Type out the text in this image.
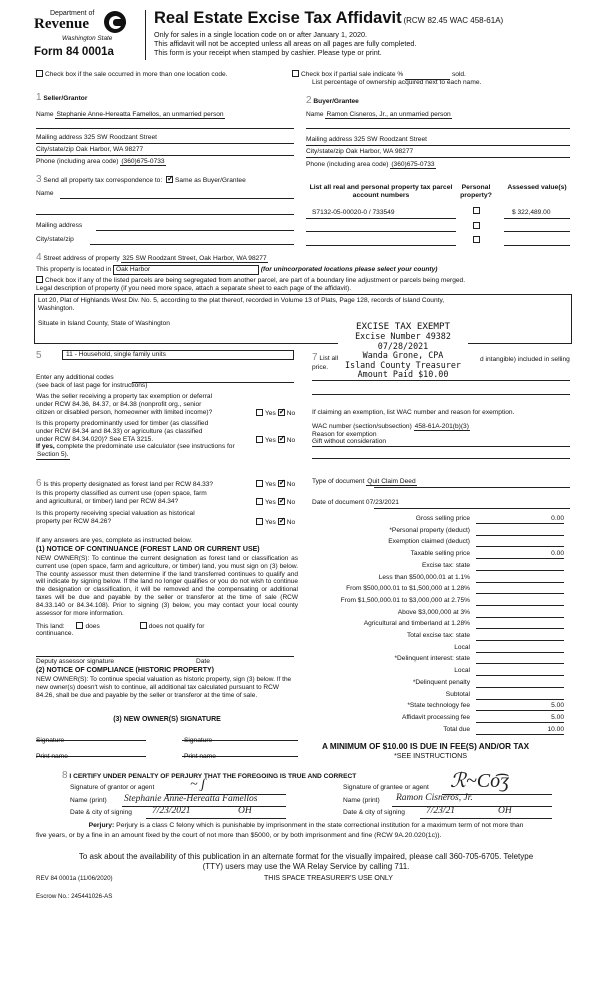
Department of
Revenue
Washington State
Form 84 0001a
Real Estate Excise Tax Affidavit (RCW 82.45 WAC 458-61A)
Only for sales in a single location code on or after January 1, 2020.
This affidavit will not be accepted unless all areas on all pages are fully completed.
This form is your receipt when stamped by cashier. Please type or print.
Check box if the sale occurred in more than one location code.	Check box if partial sale indicate %	sold.
List percentage of ownership acquired next to each name.
1 Seller/Grantor
Name Stephanie Anne-Hereatta Famellos, an unmarried person
Mailing address 325 SW Roodzant Street
City/state/zip Oak Harbor, WA 98277
Phone (including area code) (360)675-0733
2 Buyer/Grantee
Name Ramon Cisneros, Jr., an unmarried person
Mailing address 325 SW Roodzant Street
City/state/zip Oak Harbor, WA 98277
Phone (including area code) (360)675-0733
3 Send all property tax correspondence to: ✓ Same as Buyer/Grantee
Name
Mailing address
City/state/zip
List all real and personal property tax parcel account numbers
Personal property?
Assessed value(s)
S7132-05-00020-0 / 733549	$ 322,489.00
4 Street address of property 325 SW Roodzant Street, Oak Harbor, WA 98277
This property is located in Oak Harbor	(for unincorporated locations please select your county)
Check box if any of the listed parcels are being segregated from another parcel, are part of a boundary line adjustment or parcels being merged.
Legal description of property (if you need more space, attach a separate sheet to each page of the affidavit).
Lot 20, Plat of Highlands West Div. No. 5, according to the plat thereof, recorded in Volume 13 of Plats, Page 128, records of Island County,
Washington.
Situate in Island County, State of Washington	EXCISE TAX EXEMPT
Excise Number 49382
07/28/2021
Wanda Grone, CPA
Island County Treasurer
Amount Paid $10.00
5	11 - Household, single family units
Enter any additional codes
(see back of last page for instructions)
Was the seller receiving a property tax exemption or deferral
under RCW 84.36, 84.37, or 84.38 (nonprofit org., senior
citizen or disabled person, homeowner with limited income)?	Yes ✓ No
Is this property predominantly used for timber (as classified
under RCW 84.34 and 84.33) or agriculture (as classified
under RCW 84.34.020)? See ETA 3215.
If yes, complete the predominate use calculator (see instructions for
Section 5).
Yes ✓ No
7 List all
price.
d intangible) included in selling
If claiming an exemption, list WAC number and reason for exemption.
WAC number (section/subsection) 458-61A-201(b)(3)
Reason for exemption
Gift without consideration
Type of document Quit Claim Deed
Date of document 07/23/2021
6 Is this property designated as forest land per RCW 84.33?	Yes ✓ No
Is this property classified as current use (open space, farm
and agricultural, or timber) land per RCW 84.34?	Yes ✓ No
Is this property receiving special valuation as historical
property per RCW 84.26?	Yes ✓ No
If any answers are yes, complete as instructed below.
(1) NOTICE OF CONTINUANCE (FOREST LAND OR CURRENT USE)
NEW OWNER(S): To continue the current designation as forest land or classification as current use (open space, farm and agriculture, or timber) land, you must sign on (3) below. The county assessor must then determine if the land transferred continues to qualify and will indicate by signing below. If the land no longer qualifies or you do not wish to continue the designation or classification, it will be removed and the compensating or additional taxes will be due and payable by the seller or transferor at the time of sale (RCW 84.33.140 or 84.34.108). Prior to signing (3) below, you may contact your local county assessor for more information.
This land:	does	does not qualify for
continuance.
Deputy assessor signature	Date
(2) NOTICE OF COMPLIANCE (HISTORIC PROPERTY)
NEW OWNER(S): To continue special valuation as historic property, sign (3) below. If the new owner(s) doesn't wish to continue, all additional tax calculated pursuant to RCW 84.26, shall be due and payable by the seller or transferor at the time of sale.
(3) NEW OWNER(S) SIGNATURE
Signature	Signature
Print name	Print name
Gross selling price	0.00
*Personal property (deduct)
Exemption claimed (deduct)
Taxable selling price	0.00
Excise tax: state
Less than $500,000.01 at 1.1%
From $500,000.01 to $1,500,000 at 1.28%
From $1,500,000.01 to $3,000,000 at 2.75%
Above $3,000,000 at 3%
Agricultural and timberland at 1.28%
Total excise tax: state
Local
*Delinquent interest: state
Local
*Delinquent penalty
Subtotal
*State technology fee	5.00
Affidavit processing fee	5.00
Total due	10.00
A MINIMUM OF $10.00 IS DUE IN FEE(S) AND/OR TAX
*SEE INSTRUCTIONS
8 I CERTIFY UNDER PENALTY OF PERJURY THAT THE FOREGOING IS TRUE AND CORRECT
Signature of grantor or agent	~ ʃ	Signature of grantee or agent ℛ~Co͡ʒ
Name (print) Stephanie Anne-Hereatta Famellos	Name (print) Ramon Cisneros, Jr.
Date & city of signing 7/23/2021	OH	Date & city of signing 7/23/21	OH
Perjury: Perjury is a class C felony which is punishable by imprisonment in the state correctional institution for a maximum term of not more than
five years, or by a fine in an amount fixed by the court of not more than $5000, or by both imprisonment and fine (RCW 9A.20.020(1c)).
To ask about the availability of this publication in an alternate format for the visually impaired, please call 360-705-6705. Teletype
(TTY) users may use the WA Relay Service by calling 711.
REV 84 0001a (11/06/2020)	THIS SPACE TREASURER'S USE ONLY
Escrow No.: 245441026-AS
